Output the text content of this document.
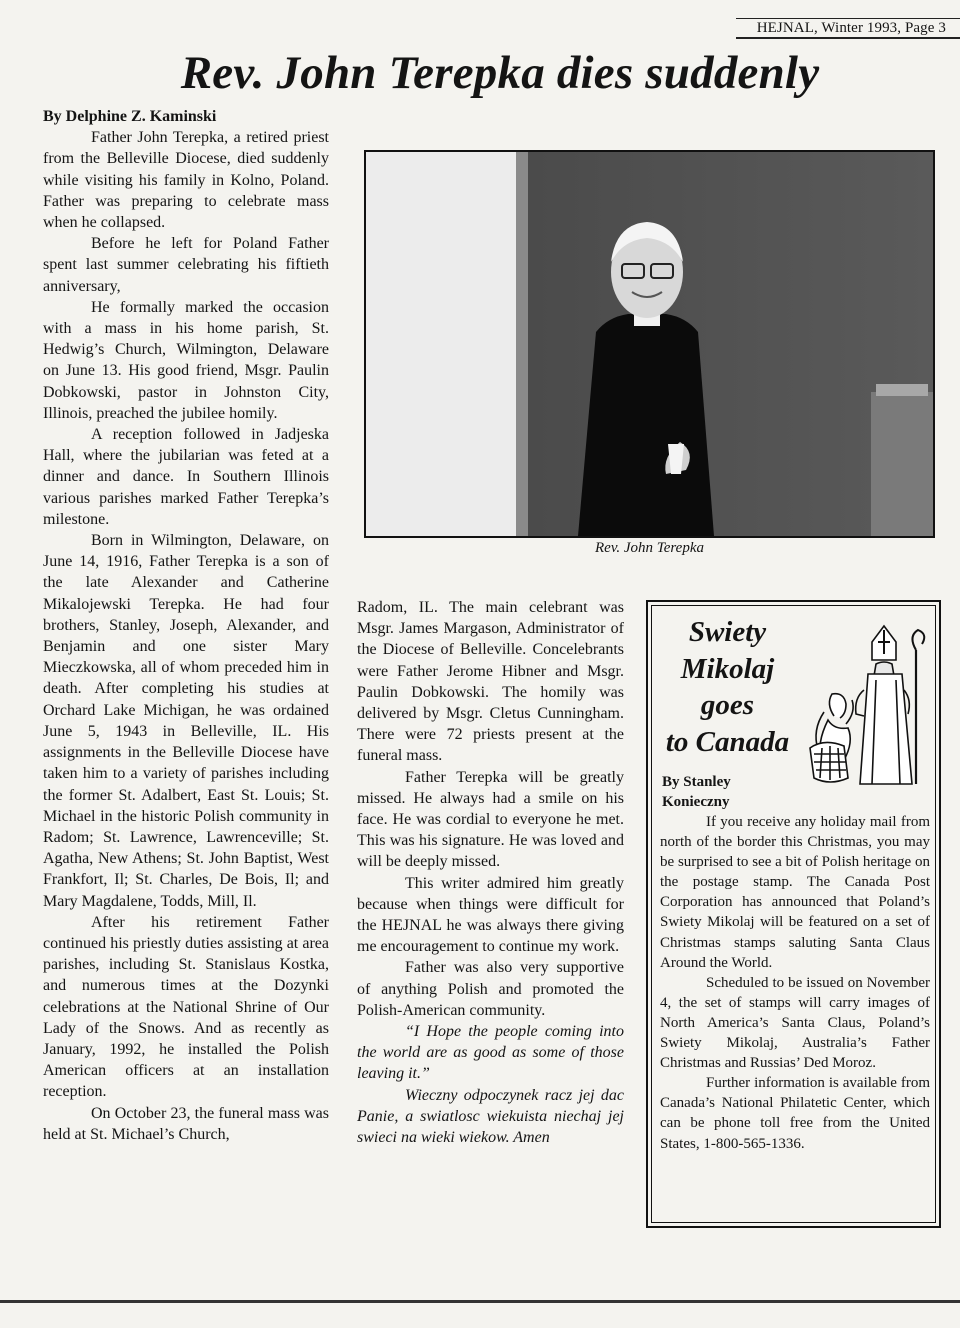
HEJNAL, Winter 1993, Page 3
Rev. John Terepka dies suddenly

By Delphine Z. Kaminski

Father John Terepka, a retired priest from the Belleville Diocese, died suddenly while visiting his family in Kolno, Poland. Father was preparing to celebrate mass when he collapsed.

Before he left for Poland Father spent last summer celebrating his fiftieth anniversary,

He formally marked the occasion with a mass in his home parish, St. Hedwig’s Church, Wilmington, Delaware on June 13. His good friend, Msgr. Paulin Dobkowski, pastor in Johnston City, Illinois, preached the jubilee homily.

A reception followed in Jadjeska Hall, where the jubilarian was feted at a dinner and dance. In Southern Illinois various parishes marked Father Terepka’s milestone.

Born in Wilmington, Delaware, on June 14, 1916, Father Terepka is a son of the late Alexander and Catherine Mikalojewski Terepka. He had four brothers, Stanley, Joseph, Alexander, and Benjamin and one sister Mary Mieczkowska, all of whom preceded him in death. After completing his studies at Orchard Lake Michigan, he was ordained June 5, 1943 in Belleville, IL. His assignments in the Belleville Diocese have taken him to a variety of parishes including the former St. Adalbert, East St. Louis; St. Michael in the historic Polish community in Radom; St. Lawrence, Lawrenceville; St. Agatha, New Athens; St. John Baptist, West Frankfort, Il; St. Charles, De Bois, Il; and Mary Magdalene, Todds, Mill, Il.

After his retirement Father continued his priestly duties assisting at area parishes, including St. Stanislaus Kostka, and numerous times at the Dozynki celebrations at the National Shrine of Our Lady of the Snows. And as recently as January, 1992, he installed the Polish American officers at an installation reception.

On October 23, the funeral mass was held at St. Michael’s Church,

Rev. John Terepka

Radom, IL. The main celebrant was Msgr. James Margason, Administrator of the Diocese of Belleville. Concelebrants were Father Jerome Hibner and Msgr. Paulin Dobkowski. The homily was delivered by Msgr. Cletus Cunningham. There were 72 priests present at the funeral mass.

Father Terepka will be greatly missed. He always had a smile on his face. He was cordial to everyone he met. This was his signature. He was loved and will be deeply missed.

This writer admired him greatly because when things were difficult for the HEJNAL he was always there giving me encouragement to continue my work.

Father was also very supportive of anything Polish and promoted the Polish-American community.

“I Hope the people coming into the world are as good as some of those leaving it.”

Wieczny odpoczynek racz jej dac Panie, a swiatlosc wiekuista niechaj jej swieci na wieki wiekow. Amen

Swiety
Mikolaj
goes
to Canada
By Stanley
Konieczny

If you receive any holiday mail from north of the border this Christmas, you may be surprised to see a bit of Polish heritage on the postage stamp. The Canada Post Corporation has announced that Poland’s Swiety Mikolaj will be featured on a set of Christmas stamps saluting Santa Claus Around the World.

Scheduled to be issued on November 4, the set of stamps will carry images of North America’s Santa Claus, Poland’s Swiety Mikolaj, Australia’s Father Christmas and Russias’ Ded Moroz.

Further information is available from Canada’s National Philatetic Center, which can be phone toll free from the United States, 1-800-565-1336.
